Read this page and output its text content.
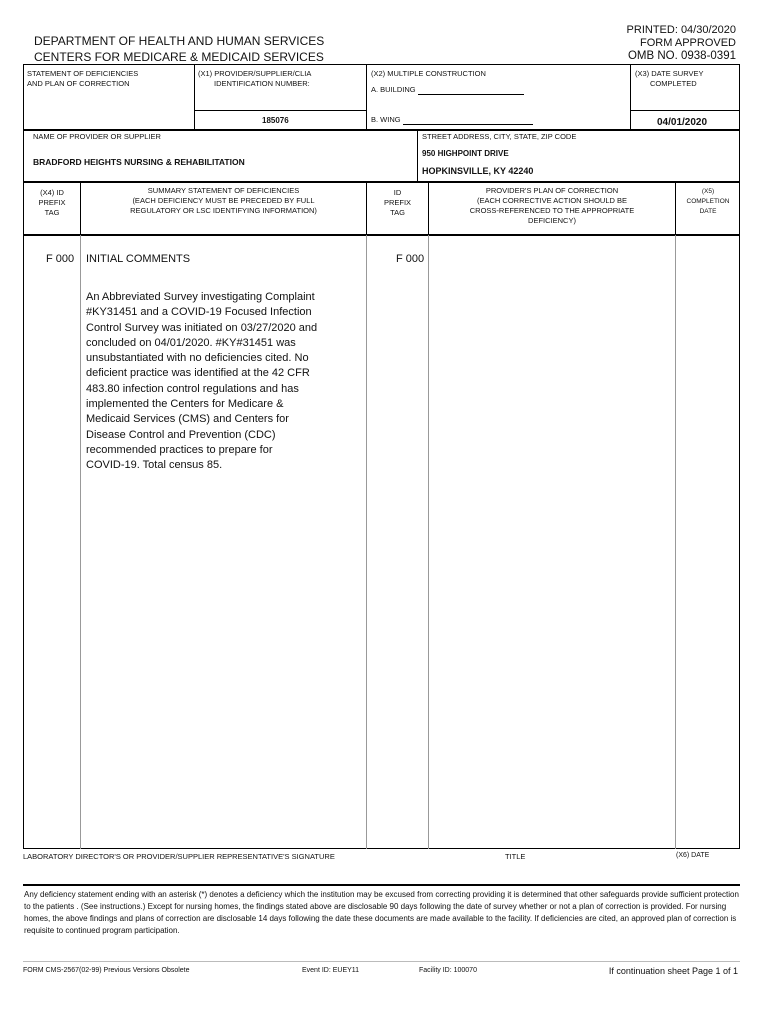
PRINTED: 04/30/2020
DEPARTMENT OF HEALTH AND HUMAN SERVICES	FORM APPROVED
CENTERS FOR MEDICARE & MEDICAID SERVICES	OMB NO. 0938-0391
STATEMENT OF DEFICIENCIES
AND PLAN OF CORRECTION
(X1) PROVIDER/SUPPLIER/CLIA
IDENTIFICATION NUMBER:
185076
(X2) MULTIPLE CONSTRUCTION
A. BUILDING
B. WING
(X3) DATE SURVEY
COMPLETED
04/01/2020
NAME OF PROVIDER OR SUPPLIER
BRADFORD HEIGHTS NURSING & REHABILITATION
STREET ADDRESS, CITY, STATE, ZIP CODE
950 HIGHPOINT DRIVE
HOPKINSVILLE, KY 42240
(X4) ID
PREFIX
TAG
SUMMARY STATEMENT OF DEFICIENCIES
(EACH DEFICIENCY MUST BE PRECEDED BY FULL
REGULATORY OR LSC IDENTIFYING INFORMATION)
ID
PREFIX
TAG
PROVIDER'S PLAN OF CORRECTION
(EACH CORRECTIVE ACTION SHOULD BE
CROSS-REFERENCED TO THE APPROPRIATE
DEFICIENCY)
(X5)
COMPLETION
DATE
F 000 INITIAL COMMENTS	F 000
An Abbreviated Survey investigating Complaint
#KY31451 and a COVID-19 Focused Infection
Control Survey was initiated on 03/27/2020 and
concluded on 04/01/2020. #KY#31451 was
unsubstantiated with no deficiencies cited. No
deficient practice was identified at the 42 CFR
483.80 infection control regulations and has
implemented the Centers for Medicare &
Medicaid Services (CMS) and Centers for
Disease Control and Prevention (CDC)
recommended practices to prepare for
COVID-19. Total census 85.
LABORATORY DIRECTOR'S OR PROVIDER/SUPPLIER REPRESENTATIVE'S SIGNATURE	TITLE	(X6) DATE
Any deficiency statement ending with an asterisk (*) denotes a deficiency which the institution may be excused from correcting providing it is determined that other safeguards provide sufficient protection to the patients . (See instructions.) Except for nursing homes, the findings stated above are disclosable 90 days following the date of survey whether or not a plan of correction is provided. For nursing homes, the above findings and plans of correction are disclosable 14 days following the date these documents are made available to the facility. If deficiencies are cited, an approved plan of correction is requisite to continued program participation.
FORM CMS-2567(02-99) Previous Versions Obsolete	Event ID: EUEY11	Facility ID: 100070	If continuation sheet Page 1 of 1
